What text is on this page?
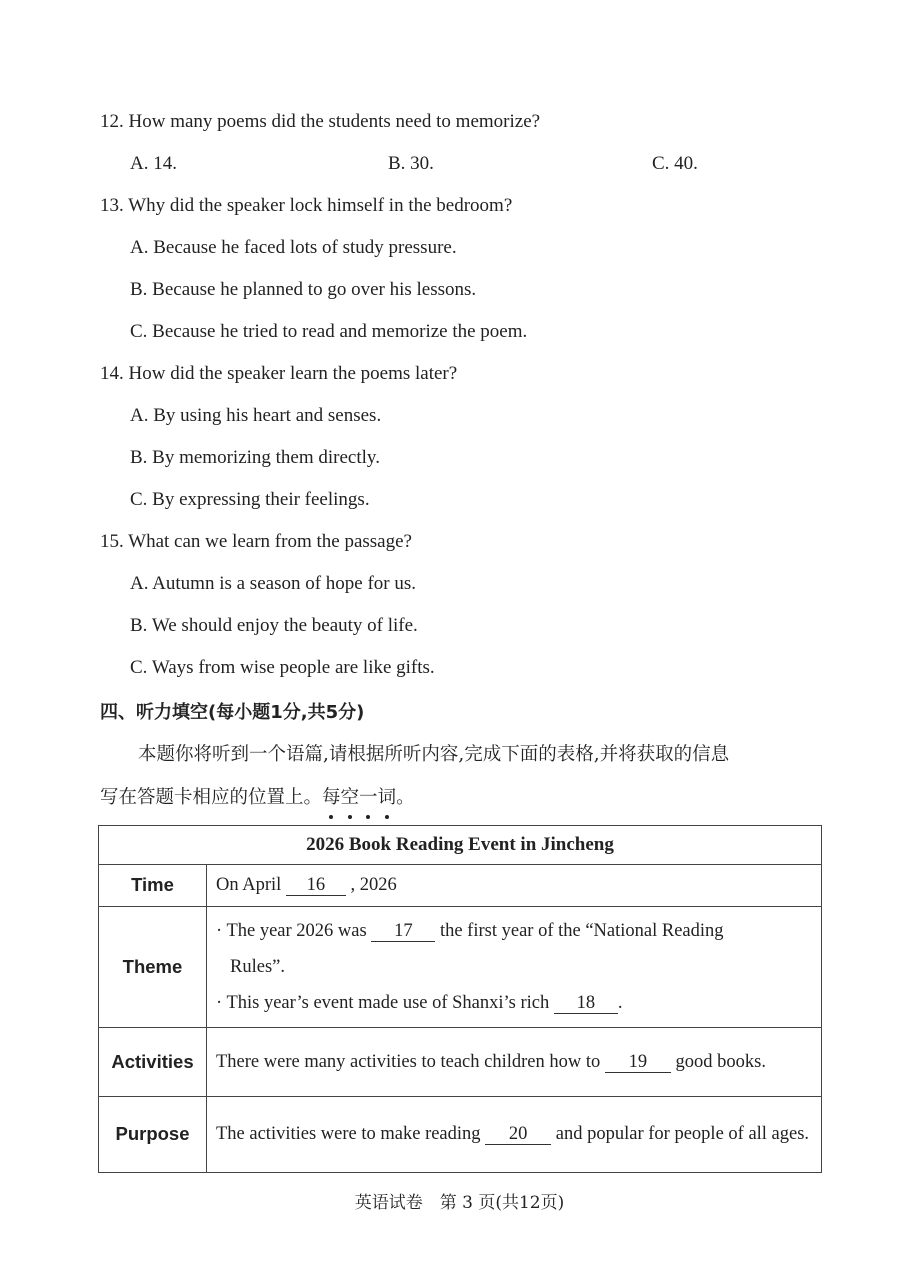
12. How many poems did the students need to memorize?
A. 14.	B. 30.	C. 40.
13. Why did the speaker lock himself in the bedroom?
A. Because he faced lots of study pressure.
B. Because he planned to go over his lessons.
C. Because he tried to read and memorize the poem.
14. How did the speaker learn the poems later?
A. By using his heart and senses.
B. By memorizing them directly.
C. By expressing their feelings.
15. What can we learn from the passage?
A. Autumn is a season of hope for us.
B. We should enjoy the beauty of life.
C. Ways from wise people are like gifts.
四、听力填空(每小题1分,共5分)
本题你将听到一个语篇,请根据所听内容,完成下面的表格,并将获取的信息
写在答题卡相应的位置上。每空一词。
2026 Book Reading Event in Jincheng	
Time	On April 16 , 2026
Theme	· The year 2026 was 17 the first year of the “National Reading
Rules”.
· This year’s event made use of Shanxi’s rich 18 .

Activities	There were many activities to teach children how to 19 good books.
Purpose	The activities were to make reading 20 and popular for people of all ages.
英语试卷　第 3 页(共12页)
